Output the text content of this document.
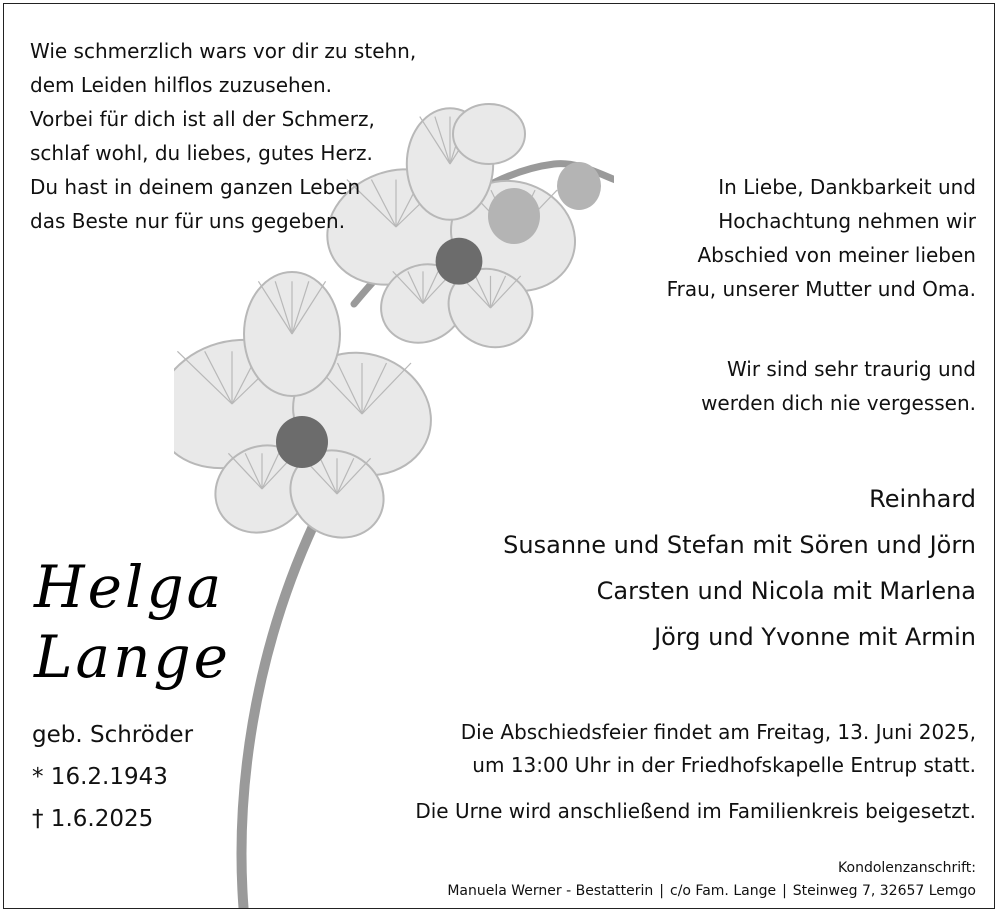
Wie schmerzlich wars vor dir zu stehn,
dem Leiden hilflos zuzusehen.
Vorbei für dich ist all der Schmerz,
schlaf wohl, du liebes, gutes Herz.
Du hast in deinem ganzen Leben
das Beste nur für uns gegeben.
In Liebe, Dankbarkeit und
Hochachtung nehmen wir
Abschied von meiner lieben
Frau, unserer Mutter und Oma.
Wir sind sehr traurig und
werden dich nie vergessen.
Reinhard
Susanne und Stefan mit Sören und Jörn
Carsten und Nicola mit Marlena
Jörg und Yvonne mit Armin
Helga
Lange
geb. Schröder
* 16.2.1943
† 1.6.2025
Die Abschiedsfeier findet am Freitag, 13. Juni 2025,
um 13:00 Uhr in der Friedhofskapelle Entrup statt.
Die Urne wird anschließend im Familienkreis beigesetzt.
Kondolenzanschrift:
Manuela Werner - Bestatterin | c/o Fam. Lange | Steinweg 7, 32657 Lemgo
